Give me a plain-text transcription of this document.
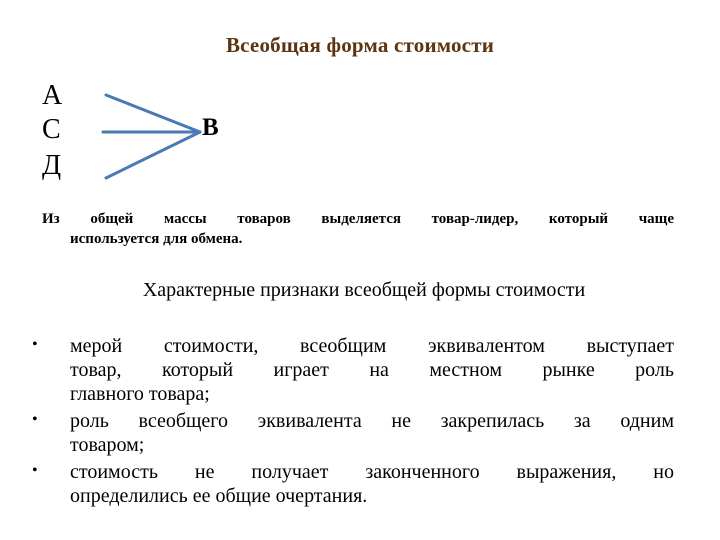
Всеобщая форма стоимости
А
С
Д
В
Из общей массы товаров выделяется товар-лидер, который чаще
используется для обмена.
Характерные признаки всеобщей формы стоимости
• мерой стоимости, всеобщим эквивалентом выступает
товар, который играет на местном рынке роль
главного товара;
• роль всеобщего эквивалента не закрепилась за одним
товаром;
• стоимость не получает законченного выражения, но
определились ее общие очертания.
